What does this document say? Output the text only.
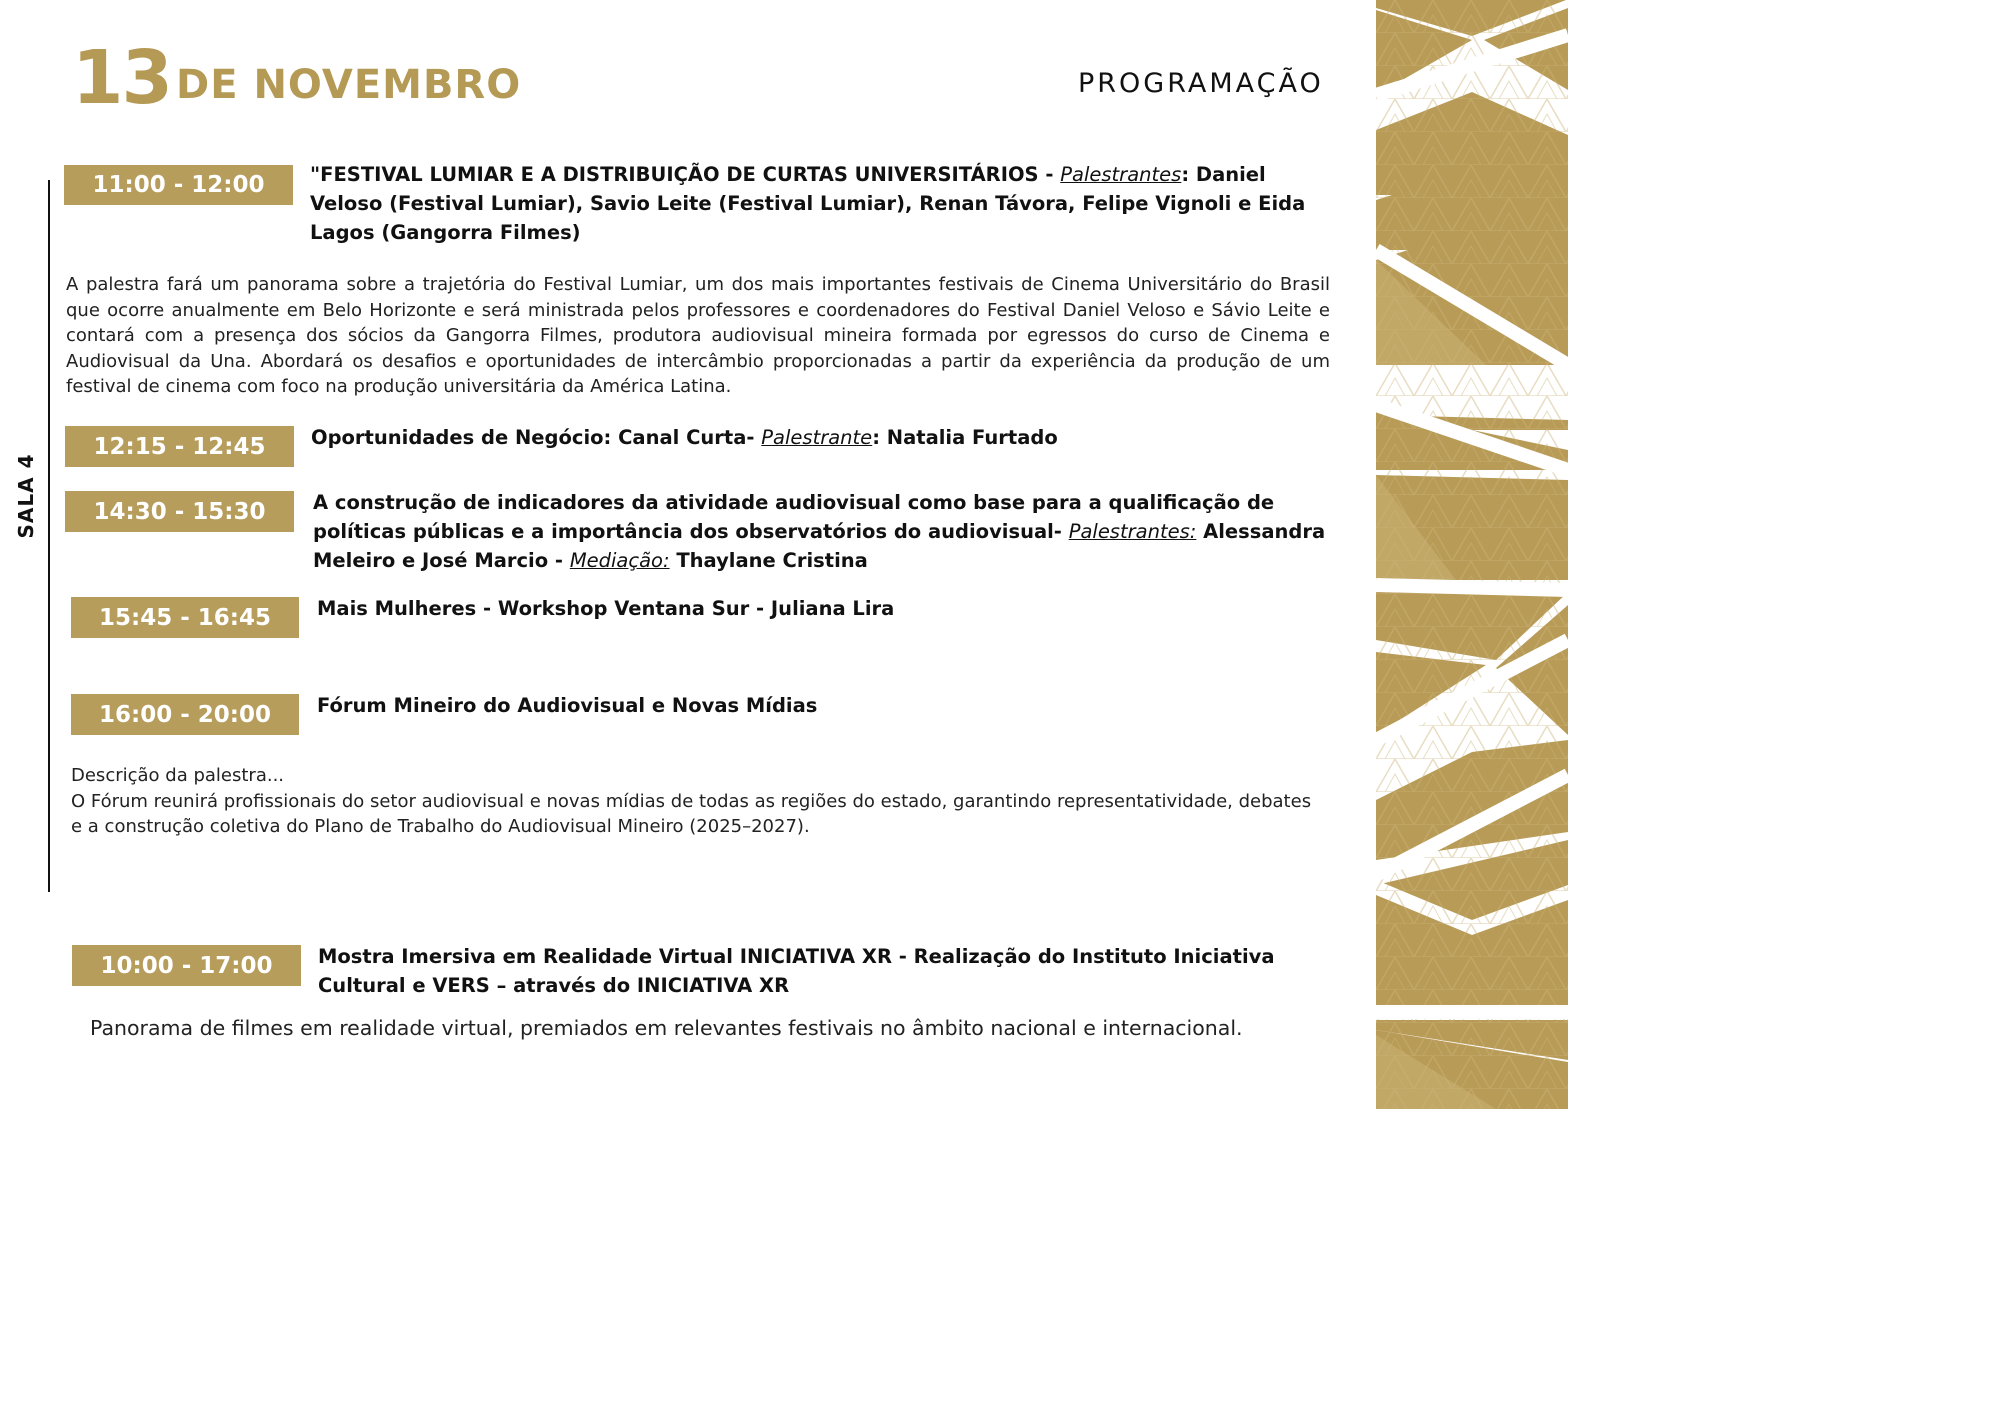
13 DE NOVEMBRO	PROGRAMAÇÃO
SALA 4
11:00 - 12:00	"FESTIVAL LUMIAR E A DISTRIBUIÇÃO DE CURTAS UNIVERSITÁRIOS - Palestrantes: Daniel Veloso (Festival Lumiar), Savio Leite (Festival Lumiar), Renan Távora, Felipe Vignoli e Eida Lagos (Gangorra Filmes)

A palestra fará um panorama sobre a trajetória do Festival Lumiar, um dos mais importantes festivais de Cinema Universitário do Brasil que ocorre anualmente em Belo Horizonte e será ministrada pelos professores e coordenadores do Festival Daniel Veloso e Sávio Leite e contará com a presença dos sócios da Gangorra Filmes, produtora audiovisual mineira formada por egressos do curso de Cinema e Audiovisual da Una. Abordará os desafios e oportunidades de intercâmbio proporcionadas a partir da experiência da produção de um festival de cinema com foco na produção universitária da América Latina.

12:15 - 12:45	Oportunidades de Negócio: Canal Curta- Palestrante: Natalia Furtado
14:30 - 15:30	A construção de indicadores da atividade audiovisual como base para a qualificação de políticas públicas e a importância dos observatórios do audiovisual- Palestrantes: Alessandra Meleiro e José Marcio - Mediação: Thaylane Cristina
15:45 - 16:45	Mais Mulheres - Workshop Ventana Sur - Juliana Lira
16:00 - 20:00	Fórum Mineiro do Audiovisual e Novas Mídias

Descrição da palestra...

O Fórum reunirá profissionais do setor audiovisual e novas mídias de todas as regiões do estado, garantindo representatividade, debates e a construção coletiva do Plano de Trabalho do Audiovisual Mineiro (2025–2027).

10:00 - 17:00	Mostra Imersiva em Realidade Virtual INICIATIVA XR - Realização do Instituto Iniciativa Cultural e VERS – através do INICIATIVA XR

Panorama de filmes em realidade virtual, premiados em relevantes festivais no âmbito nacional e internacional.
